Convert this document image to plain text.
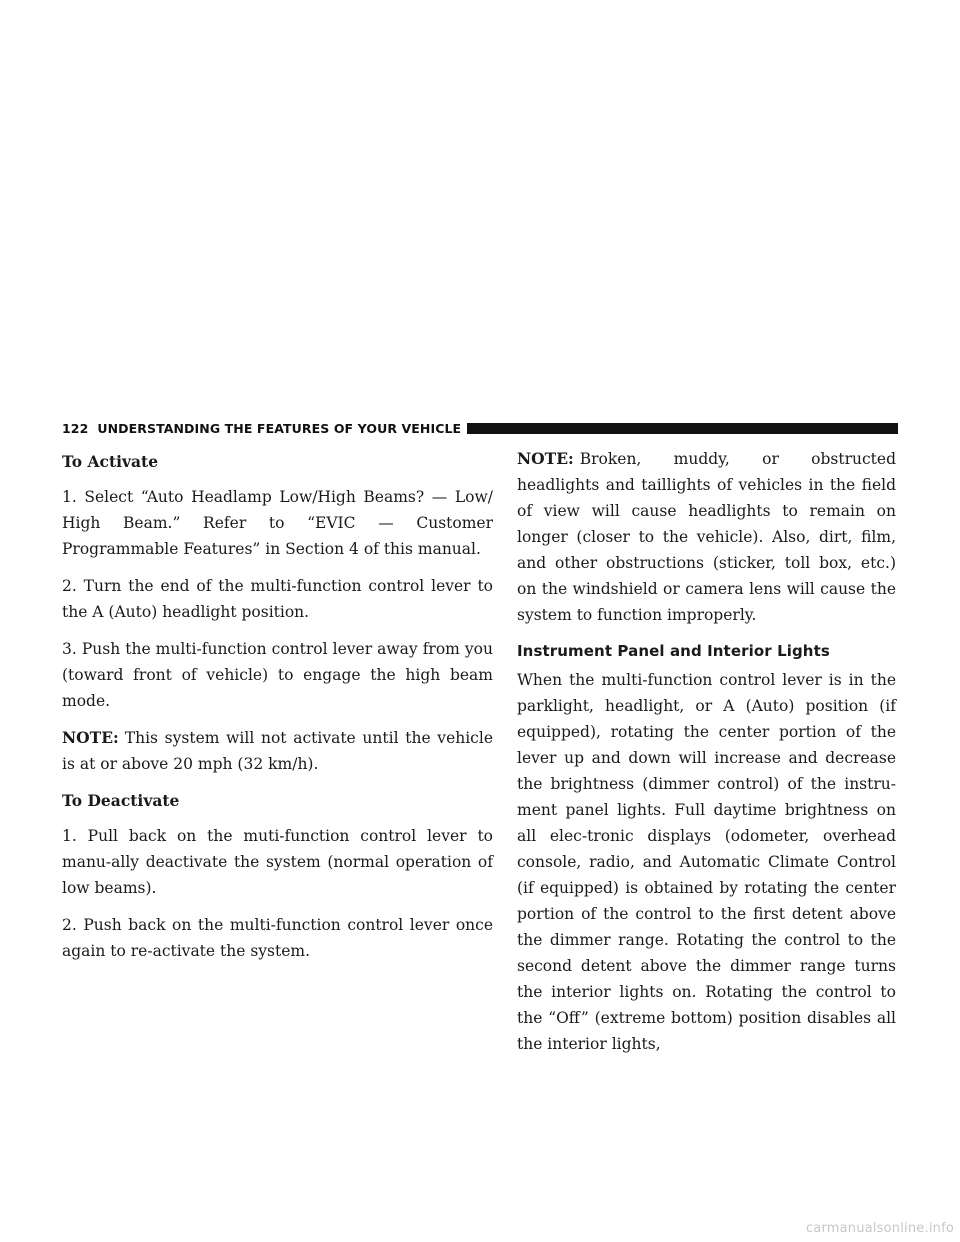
122 UNDERSTANDING THE FEATURES OF YOUR VEHICLE
To Activate

1. Select “Auto Headlamp Low/High Beams? — Low/ High Beam.” Refer to “EVIC — Customer Programmable Features” in Section 4 of this manual.

2. Turn the end of the multi-function control lever to the A (Auto) headlight position.

3. Push the multi-function control lever away from you (toward front of vehicle) to engage the high beam mode.

NOTE: This system will not activate until the vehicle is at or above 20 mph (32 km/h).

To Deactivate

1. Pull back on the muti-function control lever to manu-ally deactivate the system (normal operation of low beams).

2. Push back on the multi-function control lever once again to re-activate the system.

NOTE: Broken, muddy, or obstructed headlights and taillights of vehicles in the field of view will cause headlights to remain on longer (closer to the vehicle). Also, dirt, film, and other obstructions (sticker, toll box, etc.) on the windshield or camera lens will cause the system to function improperly.

Instrument Panel and Interior Lights

When the multi-function control lever is in the parklight, headlight, or A (Auto) position (if equipped), rotating the center portion of the lever up and down will increase and decrease the brightness (dimmer control) of the instru-ment panel lights. Full daytime brightness on all elec-tronic displays (odometer, overhead console, radio, and Automatic Climate Control (if equipped) is obtained by rotating the center portion of the control to the first detent above the dimmer range. Rotating the control to the second detent above the dimmer range turns the interior lights on. Rotating the control to the “Off” (extreme bottom) position disables all the interior lights,

carmanualsonline.info
